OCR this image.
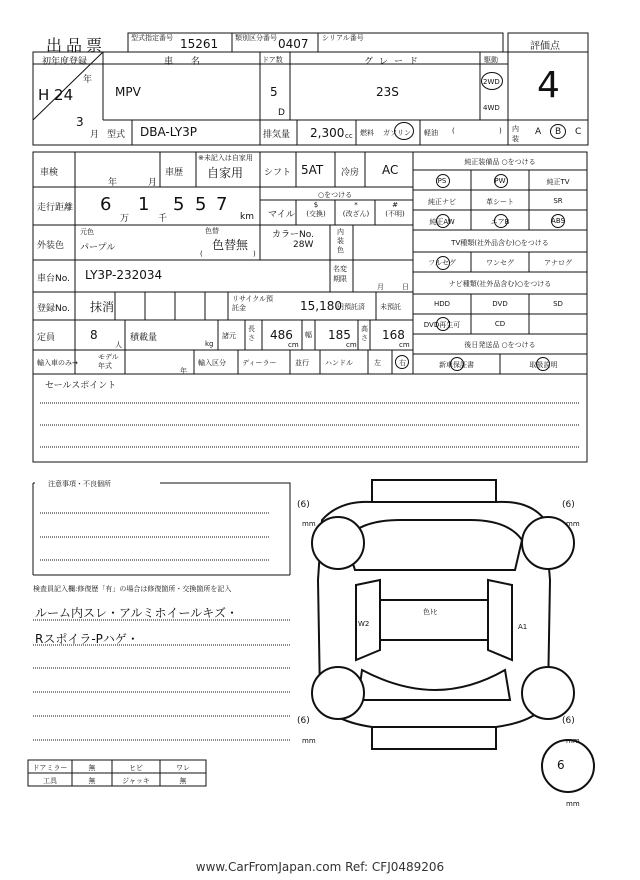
出品票	型式指定番号 15261 類別区分番号 0407 シリアル番号
評価点
4
内装
A B C
初年度登録
年
H 24
3
月
車名
MPV
ドア数
5
D
グレード
23S
駆動
2WD
4WD
型式 DBA-LY3P	排気量 2,300 cc 燃料 ガソリン 軽油 (	)
車検
年	月
車歴
※未記入は自家用
自家用 シフト 5AT 冷房 AC
走行距離 6
万
1
千
5 5 7
km
○をつける
マイル
$
(交換)
*
(改ざん)
#
(不明)
外装色
元色
パープル
色替
色替無
(	)
カラーNo.
28W
内装色
車台No. LY3P-232034	名変期限
月	日
登録No. 抹消
リサイクル預託金	15,180
円預託済 未預託
定員	8
人
積載量
kg
諸元
長さ 486
cm
幅 185
cm
高さ 168
cm
輸入車のみ→
モデル年式
年
輸入区分 ディーラー	並行 ハンドル	左	右
純正装備品 ○をつける
PS	PW	純正TV
純正ナビ	革シート	SR
純正AW	エアB	ABS
TV種類(社外品含む)○をつける
フルセグ	ワンセグ	アナログ
ナビ種類(社外品含む)○をつける
HDD	DVD	SD
DVD再生可	CD
後日発送品 ○をつける
新車保証書	取扱説明
セールスポイント
注意事項・不良個所
検査員記入欄:修復歴「有」の場合は修復箇所・交換箇所を記入
ルーム内スレ・アルミホイールキズ・
Rスポイラ-Pハゲ・
(6)
mm
(6)
mm
(6)
mm
(6)
mm
6
mm
W2	A1
色ﾄﾋ
ドアミラー	無	ヒビ	ワレ
工具	無	ジャッキ	無
www.CarFromJapan.com Ref: CFJ0489206
